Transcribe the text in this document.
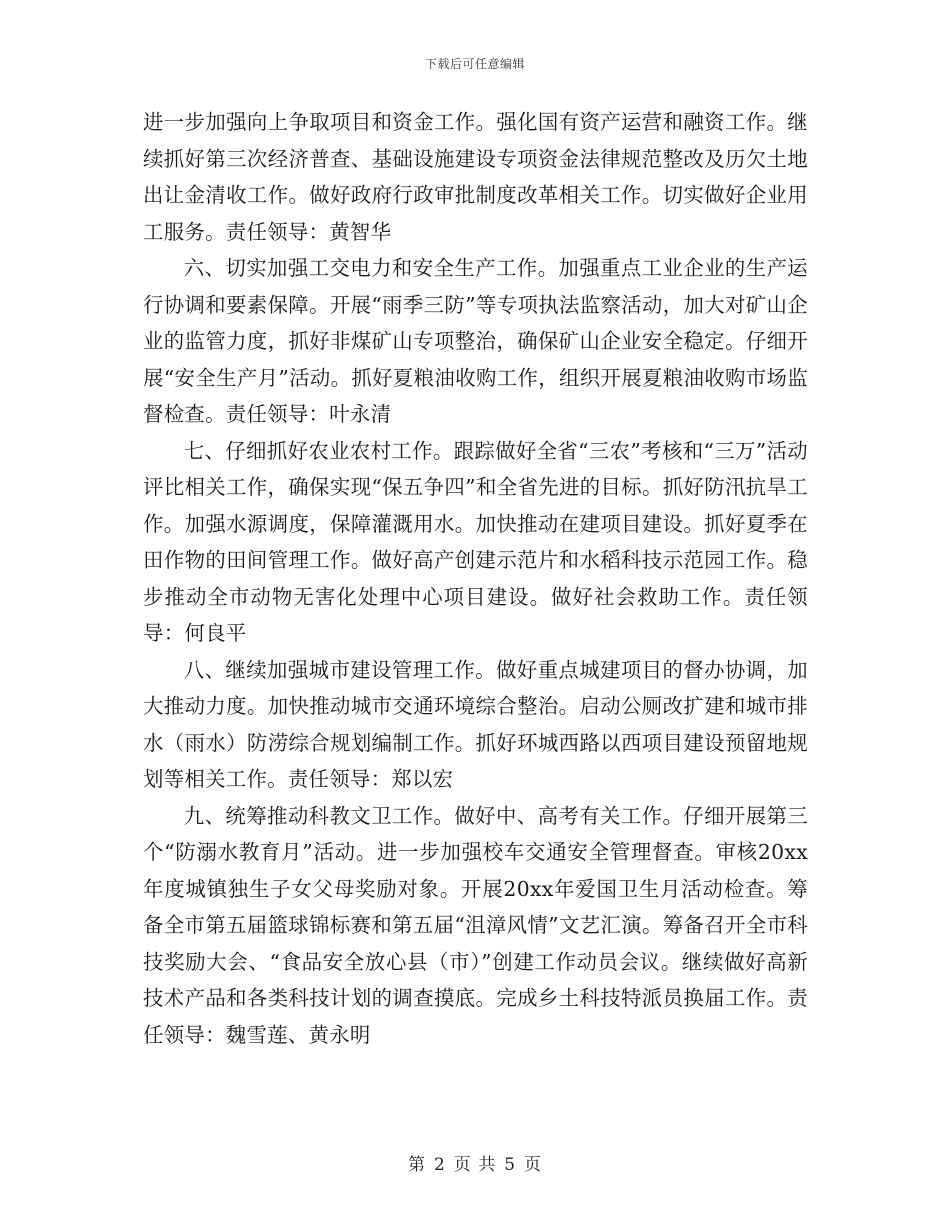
下载后可任意编辑

进一步加强向上争取项目和资金工作。强化国有资产运营和融资工作。继续抓好第三次经济普查、基础设施建设专项资金法律规范整改及历欠土地出让金清收工作。做好政府行政审批制度改革相关工作。切实做好企业用工服务。责任领导：黄智华

六、切实加强工交电力和安全生产工作。加强重点工业企业的生产运行协调和要素保障。开展“雨季三防”等专项执法监察活动，加大对矿山企业的监管力度，抓好非煤矿山专项整治，确保矿山企业安全稳定。仔细开展“安全生产月”活动。抓好夏粮油收购工作，组织开展夏粮油收购市场监督检查。责任领导：叶永清

七、仔细抓好农业农村工作。跟踪做好全省“三农”考核和“三万”活动评比相关工作，确保实现“保五争四”和全省先进的目标。抓好防汛抗旱工作。加强水源调度，保障灌溉用水。加快推动在建项目建设。抓好夏季在田作物的田间管理工作。做好高产创建示范片和水稻科技示范园工作。稳步推动全市动物无害化处理中心项目建设。做好社会救助工作。责任领导：何良平

八、继续加强城市建设管理工作。做好重点城建项目的督办协调，加大推动力度。加快推动城市交通环境综合整治。启动公厕改扩建和城市排水（雨水）防涝综合规划编制工作。抓好环城西路以西项目建设预留地规划等相关工作。责任领导：郑以宏

九、统筹推动科教文卫工作。做好中、高考有关工作。仔细开展第三个“防溺水教育月”活动。进一步加强校车交通安全管理督查。审核20xx年度城镇独生子女父母奖励对象。开展20xx年爱国卫生月活动检查。筹备全市第五届篮球锦标赛和第五届“沮漳风情”文艺汇演。筹备召开全市科技奖励大会、“食品安全放心县（市）”创建工作动员会议。继续做好高新技术产品和各类科技计划的调查摸底。完成乡土科技特派员换届工作。责任领导：魏雪莲、黄永明

第 2 页 共 5 页
